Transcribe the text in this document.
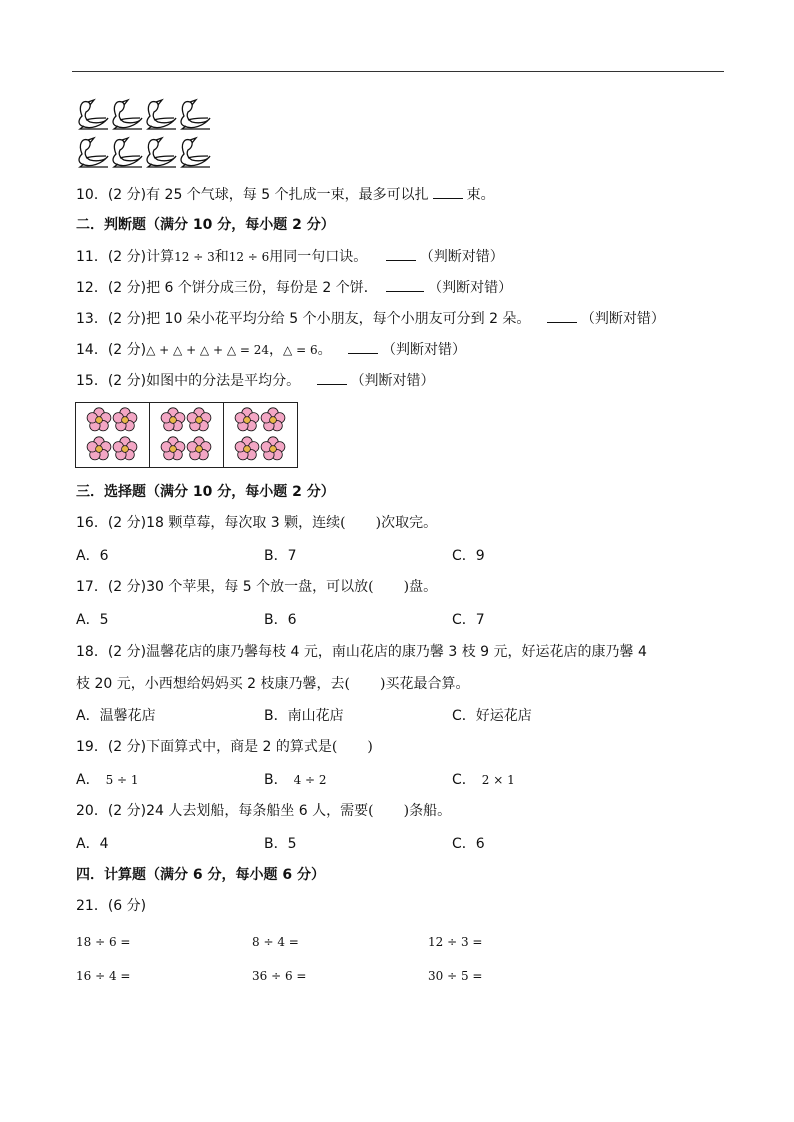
10．(2 分)有 25 个气球，每 5 个扎成一束，最多可以扎	束。
二．判断题（满分 10 分，每小题 2 分）
11．(2 分)计算12 ÷ 3和12 ÷ 6用同一句口诀。	（判断对错）
12．(2 分)把 6 个饼分成三份，每份是 2 个饼．	（判断对错）
13．(2 分)把 10 朵小花平均分给 5 个小朋友，每个小朋友可分到 2 朵。	（判断对错）
14．(2 分)△ + △ + △ + △ = 24，△ = 6。	（判断对错）
15．(2 分)如图中的分法是平均分。	（判断对错）
三．选择题（满分 10 分，每小题 2 分）
16．(2 分)18 颗草莓，每次取 3 颗，连续( )次取完。
A．6	B．7	C．9
17．(2 分)30 个苹果，每 5 个放一盘，可以放( )盘。
A．5	B．6	C．7
18．(2 分)温馨花店的康乃馨每枝 4 元，南山花店的康乃馨 3 枝 9 元，好运花店的康乃馨 4
枝 20 元，小西想给妈妈买 2 枝康乃馨，去( )买花最合算。
A．温馨花店	B．南山花店	C．好运花店
19．(2 分)下面算式中，商是 2 的算式是( )
A． 5 ÷ 1	B． 4 ÷ 2	C． 2 × 1
20．(2 分)24 人去划船，每条船坐 6 人，需要( )条船。
A．4	B．5	C．6
四．计算题（满分 6 分，每小题 6 分）
21．(6 分)
18 ÷ 6 =	8 ÷ 4 =	12 ÷ 3 =
16 ÷ 4 =	36 ÷ 6 =	30 ÷ 5 =
